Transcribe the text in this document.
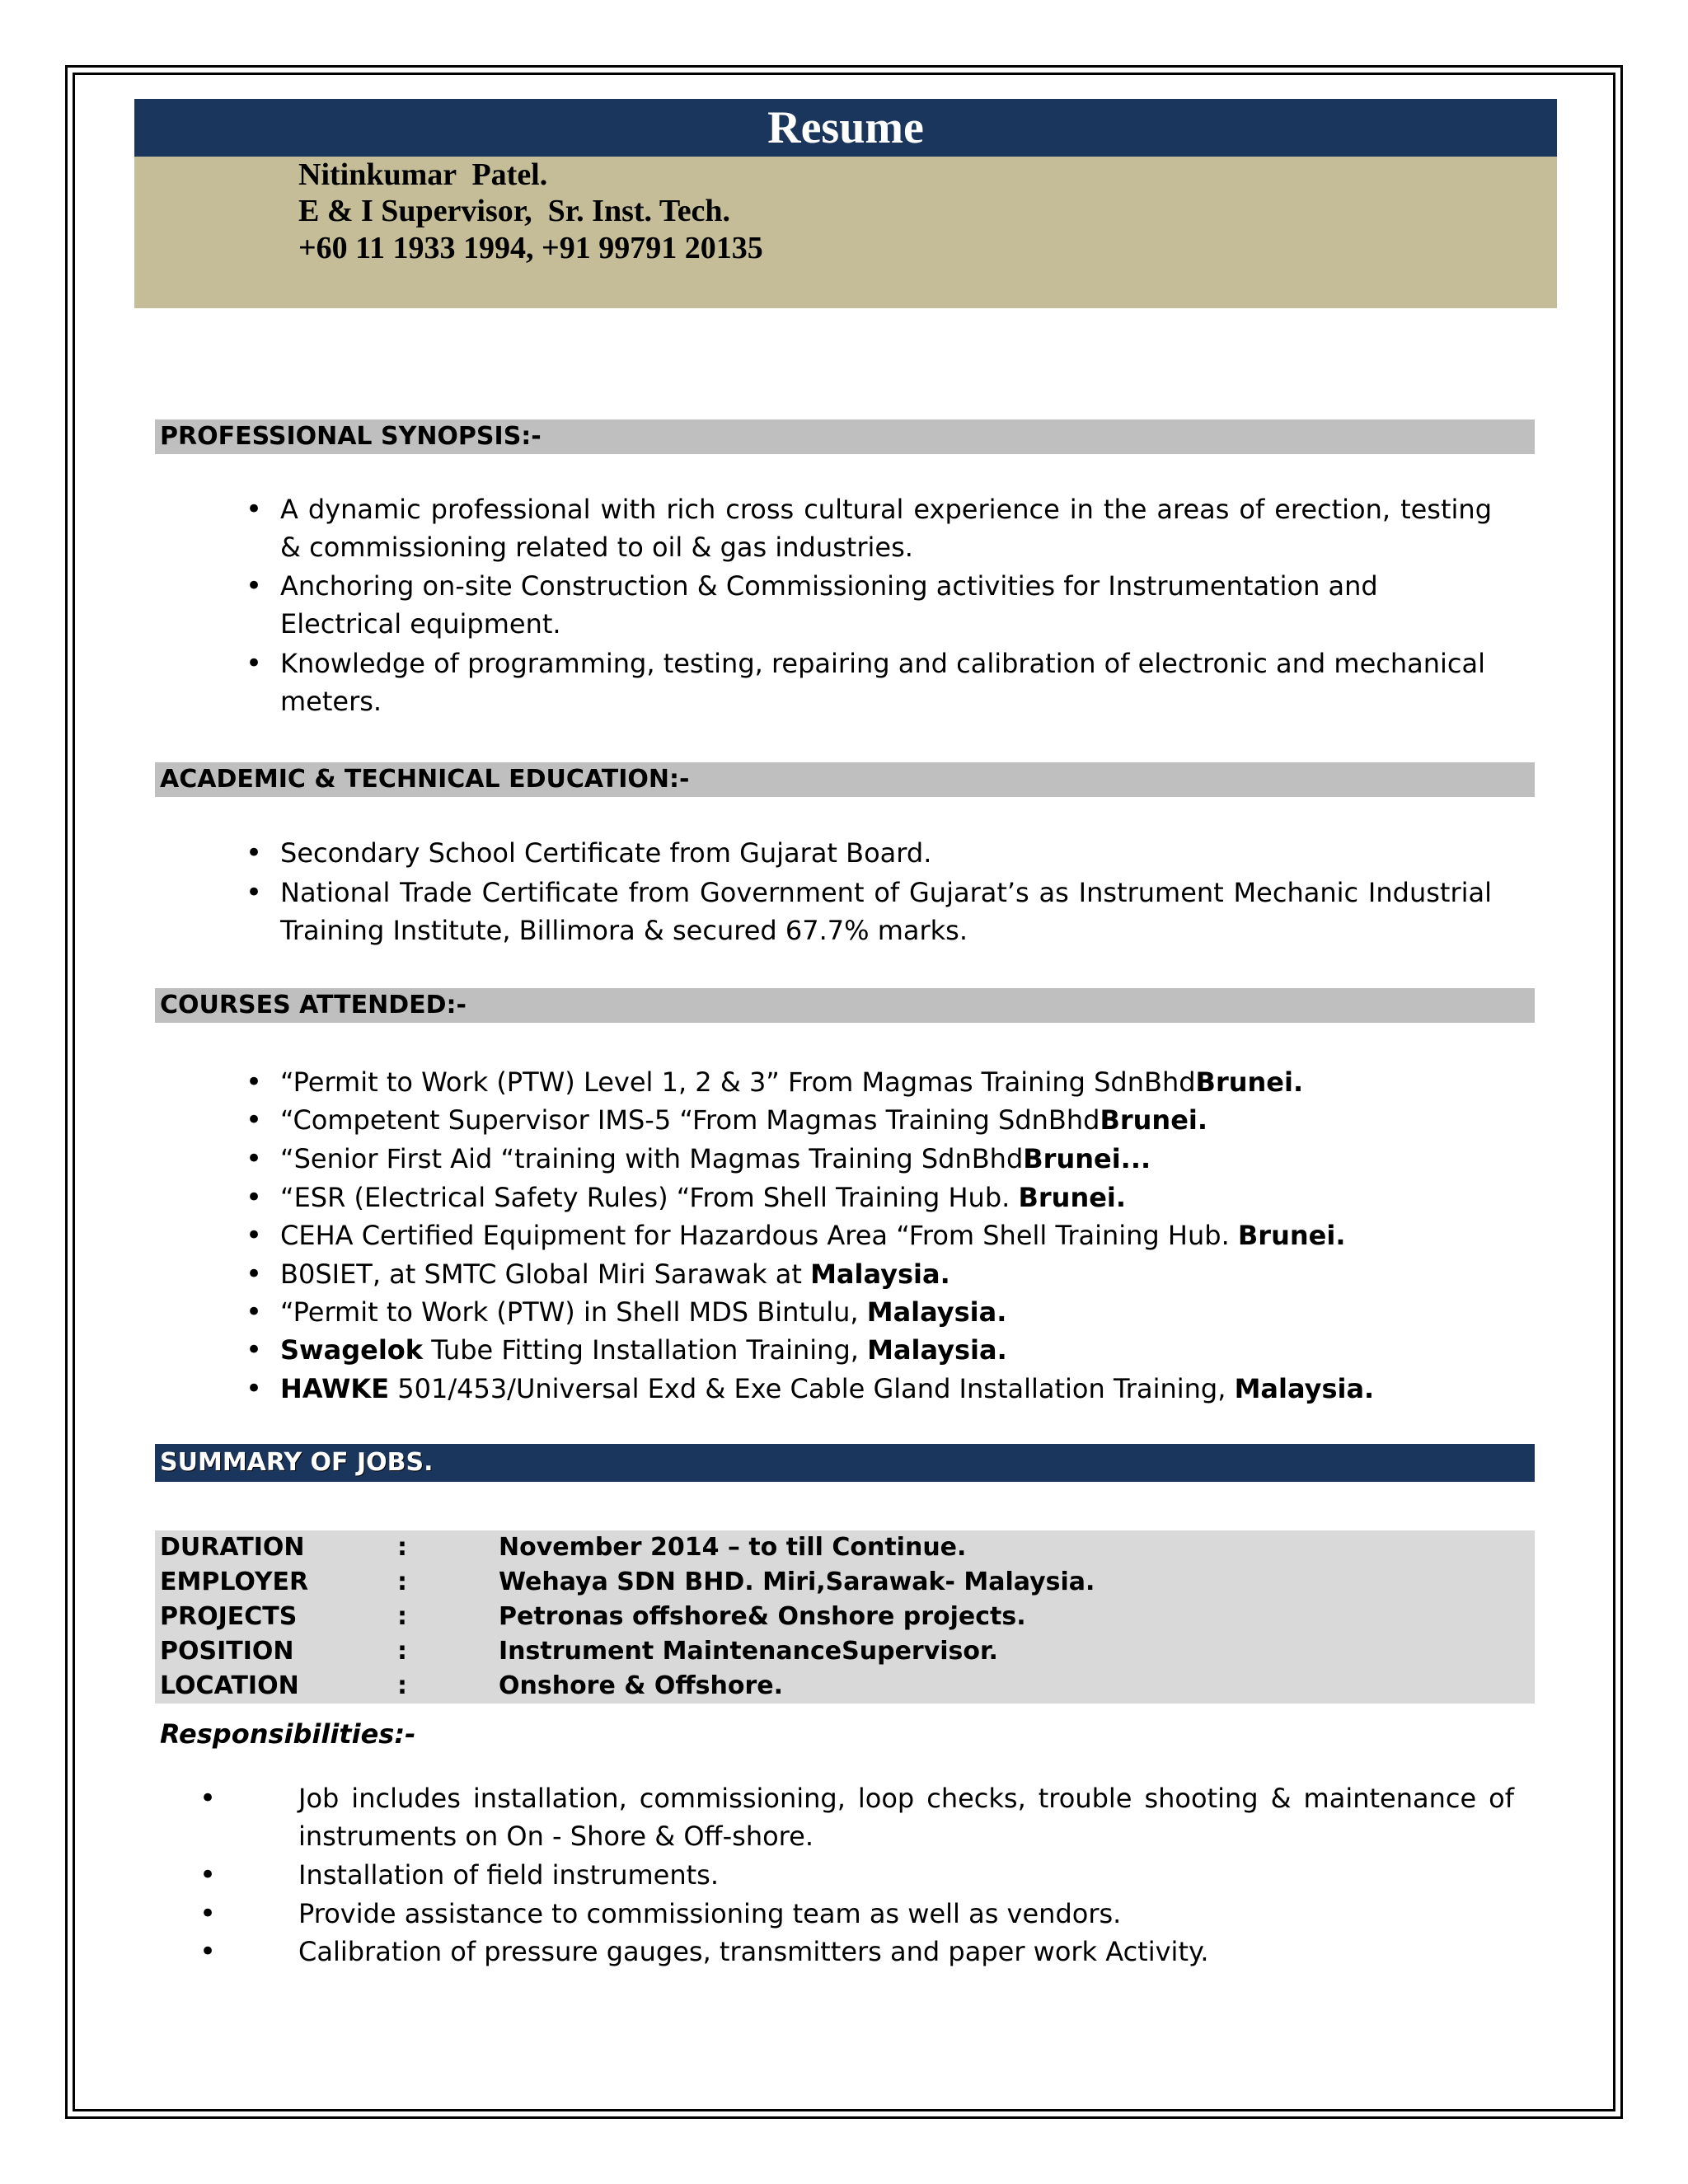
Resume
Nitinkumar  Patel.
E & I Supervisor,  Sr. Inst. Tech.
+60 11 1933 1994, +91 99791 20135
PROFESSIONAL SYNOPSIS:-
• A dynamic professional with rich cross cultural experience in the areas of erection, testing & commissioning related to oil & gas industries.
• Anchoring on-site Construction & Commissioning activities for Instrumentation and Electrical equipment.
• Knowledge of programming, testing, repairing and calibration of electronic and mechanical meters.
ACADEMIC & TECHNICAL EDUCATION:-
• Secondary School Certificate from Gujarat Board.
• National Trade Certificate from Government of Gujarat’s as Instrument Mechanic Industrial Training Institute, Billimora & secured 67.7% marks.
COURSES ATTENDED:-
• “Permit to Work (PTW) Level 1, 2 & 3” From Magmas Training SdnBhdBrunei.
• “Competent Supervisor IMS-5 “From Magmas Training SdnBhdBrunei.
• “Senior First Aid “training with Magmas Training SdnBhdBrunei...
• “ESR (Electrical Safety Rules) “From Shell Training Hub. Brunei.
• CEHA Certified Equipment for Hazardous Area “From Shell Training Hub. Brunei.
• B0SIET, at SMTC Global Miri Sarawak at Malaysia.
• “Permit to Work (PTW) in Shell MDS Bintulu, Malaysia.
• Swagelok Tube Fitting Installation Training, Malaysia.
• HAWKE 501/453/Universal Exd & Exe Cable Gland Installation Training, Malaysia.
SUMMARY OF JOBS.
DURATION	:	November 2014 – to till Continue.
EMPLOYER	:	Wehaya SDN BHD. Miri,Sarawak- Malaysia.
PROJECTS	:	Petronas offshore& Onshore projects.
POSITION	:	Instrument MaintenanceSupervisor.
LOCATION	:	Onshore & Offshore.
Responsibilities:-
• Job includes installation, commissioning, loop checks, trouble shooting & maintenance of instruments on On - Shore & Off-shore.
• Installation of field instruments.
• Provide assistance to commissioning team as well as vendors.
• Calibration of pressure gauges, transmitters and paper work Activity.
